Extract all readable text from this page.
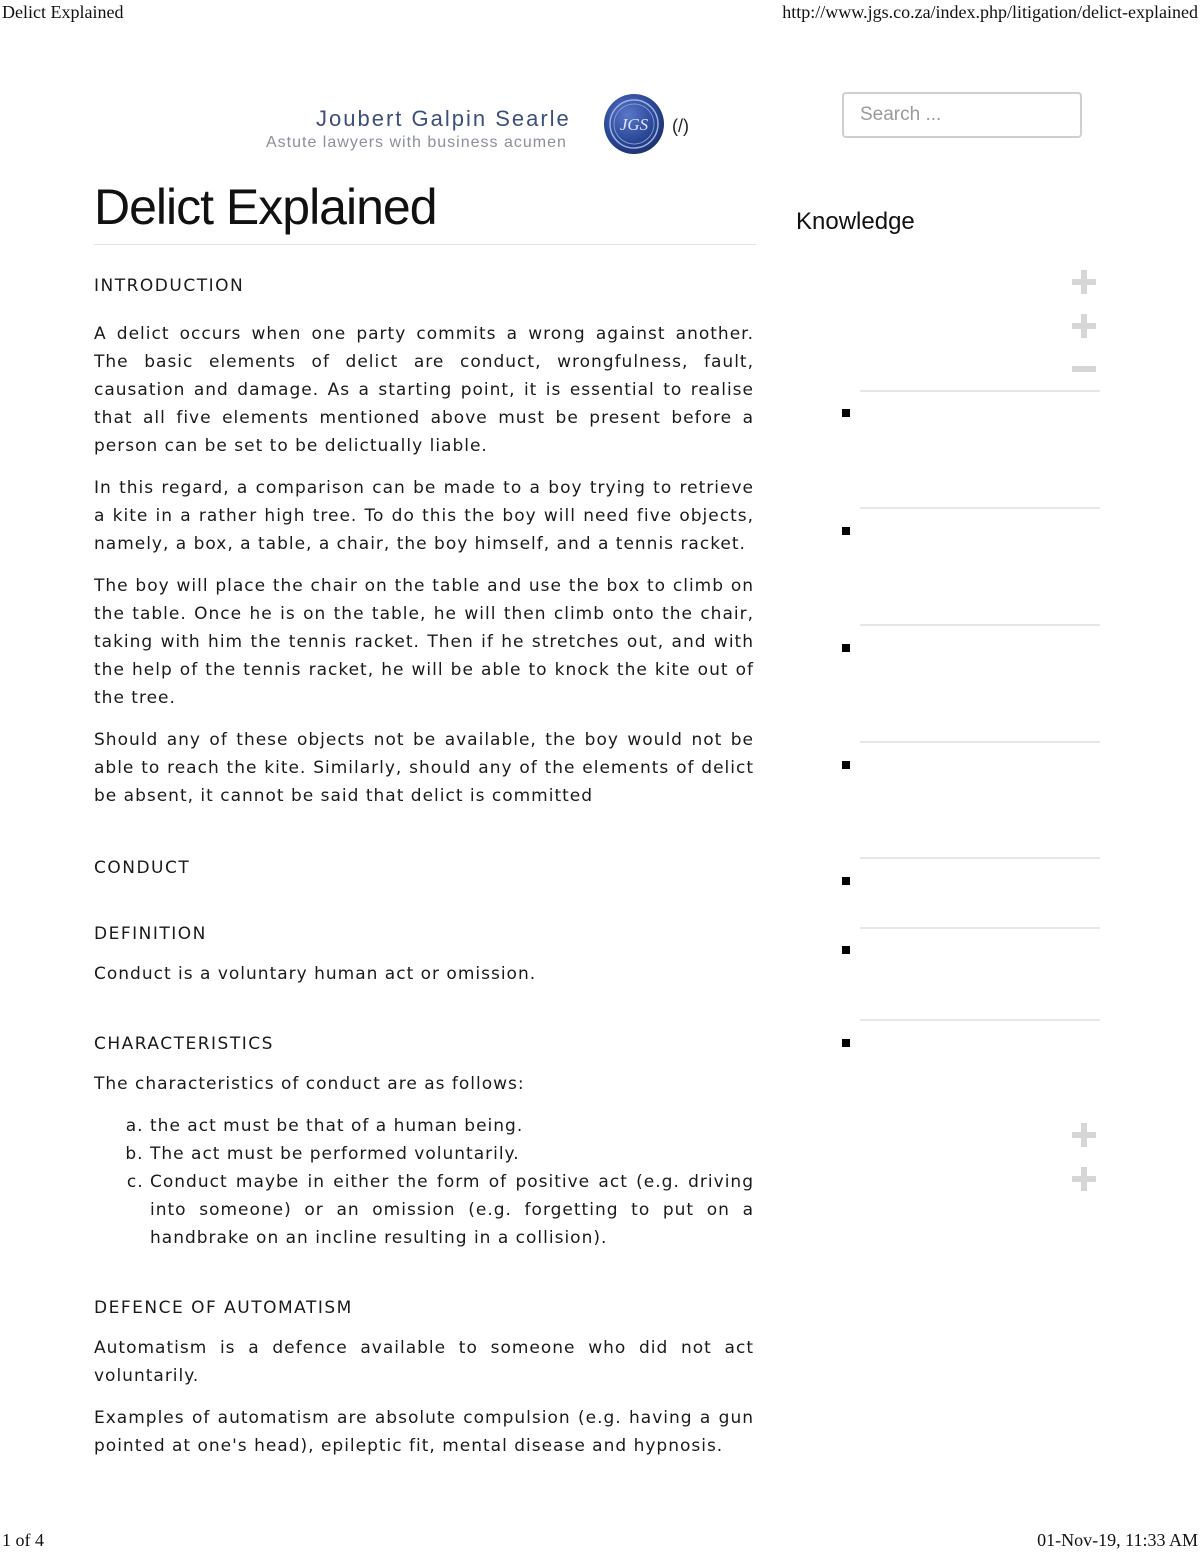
Delict Explained	http://www.jgs.co.za/index.php/litigation/delict-explained
Joubert Galpin Searle
Astute lawyers with business acumen
JGS (/)
Search ...
Delict Explained
INTRODUCTION

A delict occurs when one party commits a wrong against another. The basic elements of delict are conduct, wrongfulness, fault, causation and damage. As a starting point, it is essential to realise that all five elements mentioned above must be present before a person can be set to be delictually liable.

In this regard, a comparison can be made to a boy trying to retrieve a kite in a rather high tree. To do this the boy will need five objects, namely, a box, a table, a chair, the boy himself, and a tennis racket.

The boy will place the chair on the table and use the box to climb on the table. Once he is on the table, he will then climb onto the chair, taking with him the tennis racket. Then if he stretches out, and with the help of the tennis racket, he will be able to knock the kite out of the tree.

Should any of these objects not be available, the boy would not be able to reach the kite. Similarly, should any of the elements of delict be absent, it cannot be said that delict is committed

CONDUCT
DEFINITION

Conduct is a voluntary human act or omission.

CHARACTERISTICS

The characteristics of conduct are as follows:

a. the act must be that of a human being.
b. The act must be performed voluntarily.
c. Conduct maybe in either the form of positive act (e.g. driving into someone) or an omission (e.g. forgetting to put on a handbrake on an incline resulting in a collision).
DEFENCE OF AUTOMATISM

Automatism is a defence available to someone who did not act voluntarily.

Examples of automatism are absolute compulsion (e.g. having a gun pointed at one's head), epileptic fit, mental disease and hypnosis.

Knowledge
1 of 4	01-Nov-19, 11:33 AM
